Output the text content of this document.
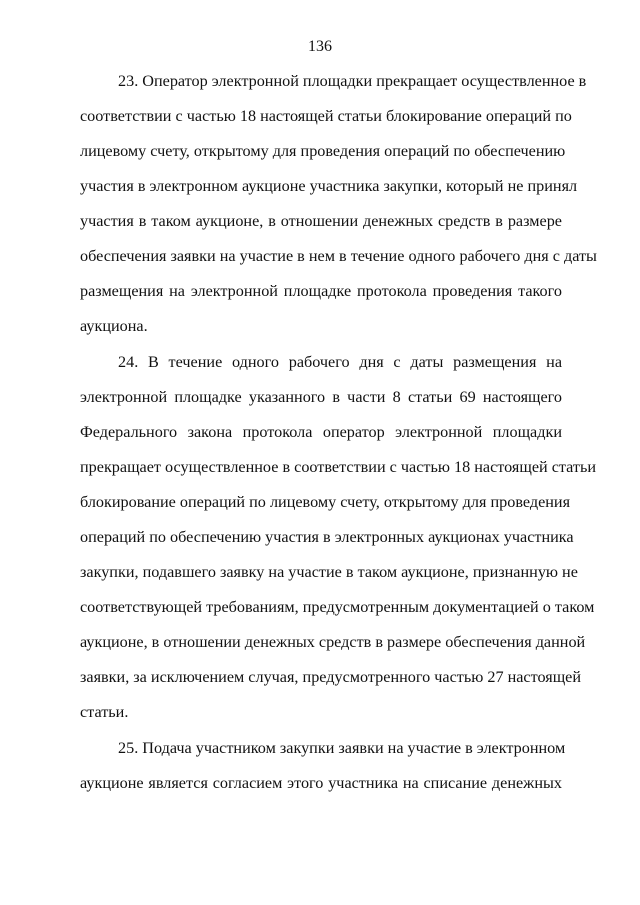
136
23. Оператор электронной площадки прекращает осуществленное в
соответствии с частью 18 настоящей статьи блокирование операций по
лицевому счету, открытому для проведения операций по обеспечению
участия в электронном аукционе участника закупки, который не принял
участия в таком аукционе, в отношении денежных средств в размере
обеспечения заявки на участие в нем в течение одного рабочего дня с даты
размещения на электронной площадке протокола проведения такого
аукциона.
24. В течение одного рабочего дня с даты размещения на
электронной площадке указанного в части 8 статьи 69 настоящего
Федерального закона протокола оператор электронной площадки
прекращает осуществленное в соответствии с частью 18 настоящей статьи
блокирование операций по лицевому счету, открытому для проведения
операций по обеспечению участия в электронных аукционах участника
закупки, подавшего заявку на участие в таком аукционе, признанную не
соответствующей требованиям, предусмотренным документацией о таком
аукционе, в отношении денежных средств в размере обеспечения данной
заявки, за исключением случая, предусмотренного частью 27 настоящей
статьи.
25. Подача участником закупки заявки на участие в электронном
аукционе является согласием этого участника на списание денежных
